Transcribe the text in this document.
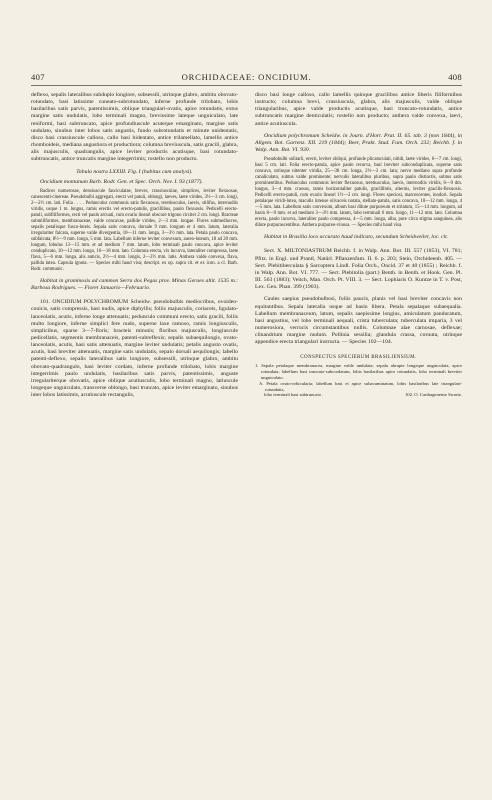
407	ORCHIDACEAE: ONCIDIUM.	408

deflexo, sepalis lateralibus subduplo longiore, subsessili, utrinque glabro, ambitu obovato-rotundato, basi latissime cuneato-subrotundato, inferne profunde trilobato, lobis basilaribus satis parvis, patentissimis, oblique triangulari-ovatis, apice rotundatis, extus margine satis undulatis, lobo terminali magno, brevissime lateque unguiculato, late reniformi, basi subtruncato, apice profundiuscule acuteque emarginato, margine satis undulato, sinubus inter lobos satis angustis, fundo subrotundatis et minute unidentatis, disco basi crassiuscule calloso, callo basi bidentato, antice trilamellato, lamellis antice rhomboideis, mediana angustiora et productiora; columna breviuscula, satis gracili, glabra, alis majusculis, quadrangulis, apice leviter productis acutisque, basi rotundato-subtruncatis, antice truncatis margine integerrimis; rostello non producto.

Tabula nostra LXXIII. Fig. I (habitus cum analysi).

Oncidium montanum Barb. Rodr. Gen. et Spec. Orch. Nov. I. 93 (1877).

Radices numerosae, densiuscule fasciculatae, breves, crassiusculae, simplices, leviter flexuosae, canescenti-cinereae. Pseudobulbi aggregati, erecti vel patuli, oblongi, laeves, laete virides, 3½—3 cm. longi, 2—2½ cm. lati. Folia . . . . Pedunculus communis satis flexuosus, teretiusculus, laevis, stilifus, internodiis viridis, usque 1 m. longus, ramis erectis vel erecto-patulis, gracillibus, paulo flexuosis. Pedicelli erecto-patuli, subfiliformes, recti vel paulo arcuati, cum ovario lineari obscure trigono circiter 2 cm. longi. Bracteae submiliformes, membranaceae, valde concavae, pallide virides, 2—3 mm. longae. Flores submediocres, sepalis petalisque fusco-luteis. Sepala satis concava, dorsale 9 mm. longum et 4 mm. latum, lateralia irregulariter falcata, superne valde divergentia, 10—11 mm. longa, 3—3½ mm. lata. Petala paulo concava, subfalcata, 8½—9 mm. longa, 5 mm. lata. Labellum inferne leviter convexum, aureo-luteum, 18 ad 20 mm. longum, lobulus 13—15 mm. et ad medium 7 mm. latum, lobo terminali paulo concava, apice leviter conduplicato, 10—12 mm. longo, 16—18 mm. lato. Columna erecta, vix incurva, lateraliter compressa, laete flava, 5—6 mm. longa, alis anticis, 2½—4 mm. longis, 2—2½ mm. latis. Anthera valde convexa, flava, pallida lutea. Capsula ignota. — Species mihi haud visa; descript. ex op. supra cit. et ex icon. a cl. Barb. Rodr. communic.

Habitat in graminosis ad cammon Serra dos Pegas prov. Minas Geraes altit. 1535 m.: Barbosa Rodrigues. — Floret Januario—Februario.

101. ONCIDIUM POLYCHROMUM Scheidw. pseudobulbis mediocribus, ovoideo-conicis, satis compressis, basi nudis, apice diphyllis; foliis majusculis, coriaceis, ligulato-lanceolatis, acutis, inferne longe attenuatis; pedunculo communi erecto, satis gracili, foliis multo longiore, inferne simplici fere nudo, superne laxe ramoso, ramis longiusculis, simplicibus, sparse 3—7-floris; bracteis minutis; floribus majusculis, longiuscule pedicellatis, segmentis membranaceis, patenti-subreflexis; sepalis subaequilongis, ovato-lanceolatis, acutis, basi satis attenuatis, margine leviter undulatis; petalis angusto ovatis, acutis, basi breviter attenuatis, margine satis undulatis, sepalo dorsali aequilongis; labello patenti-deflexo, sepalis lateralibus satis longiore, subsessili, utrinque glabro, ambitu obovato-quadrangulo, basi leviter cordato, inferne profunde trilobato, lobis margine integerrimis paulo undulatis, basilaribus satis parvis, patentissimis, anguste irregulariterque obovatis, apice oblique acutiusculis, lobo terminali magno, latiuscule longeque unguiculato, transverse oblongo, basi truncato, apice leviter emarginato, sinubus inter lobos latissimis, acutiuscule rectangulis,

disco basi longe calloso, callo lamellis quinque gracilibus antice liberis filiformibus instructo; columna brevi, crassiuscula, glabra, alis majusculis, valde oblique triangularibus, apice valde productis acutisque, basi truncato-rotundatis, antice subtruncatis margine denticulatis; rostello non producto; anthera valde convexa, laevi, antice acutiuscula.

Oncidium polychromum Scheidw. in Journ. d'Hort. Prat. II. 65. tab. 3 (non 1844), in Allgem. Bot. Gartenz. XII. 219 (1844); Beer, Prakt. Stud. Fam. Orch. 232; Reichb. f. in Walp. Ann. Bot. VI. 930.

Pseudobulbi solitarii, erecti, leviter obliqui, profunde plicatoculati, nitidi, laete virides, 6—7 cm. longi, basi 5 cm. lati. Folia erecto-patula, apice paulo recurva, basi breviter subconduplicata, superne satis concava, utrinque nitenter viridia, 25—38 cm. longa, 2½—3 cm. lata; nervo mediano supra profunde canaliculato, subtus valde prominente; nervulis lateralibus pluribus, supra paulo distinctis, subtus satis prominentibus. Pedunculus communis leviter flexuosus, teretiusculus, laevis, internodiis viridis, 6—9 dm. longus, 3—4 mm. crassus, ramis horizontaliter patulis, gracillimis, alternis, leviter gracilis-flexuosis. Pedicelli erecto-patuli, cum ovario lineari 1½—2 cm. longi. Flores speciosi, marcescentes, inodori. Sepala petalaque viridi-lutea, maculis intense olivaceis notata, stellato-patula, satis concava, 10—12 mm. longa, 4—5 mm. lata. Labellum satis convexum, album basi dilute purpureum et striatum, 15—14 mm. longum, ad basin 8—9 mm. et ad medium 3—3½ mm. latum, lobo terminali 6 mm. longo, 11—12 mm. lato. Columna erecta, paulo incurva, lateraliter paulo compressa, 4—5 mm. longa, alba, pure circa stigma sanguinea, alis dilute purpurascentibus. Anthera purpureo-vinosa. — Species mihi haud visa.

Habitat in Brasilia loco accurato haud indicato, secundum Scheidweiler, loc. cit.

Sect. X. MILTONIASTRUM Reichb. f. in Walp. Ann. Bot. III. 557 (1853), VI. 781; Pfitz. in Engl. und Prantl, Natürl. Pflanzenfam. II. 6. p. 203; Stein, Orchideenb. 405. — Sect. Plebitiberculata § Sarcoptera Lindl. Folia Orch., Oncid. 37 et 40 (1855) ; Reichb. f. in Walp. Ann. Bot. VI. 777. — Sect. Plebitolia (part.) Benth. in Benth. et Hook. Gen. Pl. III. 563 (1883); Veitch, Man. Orch. Pt. VIII. 3. — Sect. Lophiaris O. Kuntze in T. v. Post, Lex. Gen. Phan. 399 (1903).

Caules saepius pseudobulbosi, foliis paucis, planis vel basi breviter concavis non equitantibus. Sepala lateralia usque ad basin libera. Petala sepalaque subaequalia. Labellum membranaceum, latum, sepalis saepissime longius, amiculatum panduratum, basi angustius, vel lobo terminali aequali, crista tuberculata; tuberculata imparia, 3 vel numerosiora, verrucis circumstantibus nullis. Columnae alae carnosae, deflexae; clinandrium margine nudum. Pollinia sessilia; glandula crassa, coruuta, utrinque appendice erecta triangulari instructa. — Species 102—104.

CONSPECTUS SPECIERUM BRASILIENSIUM.

1. Sepala petalaque membranacea, margine valde undulata; sepala abrupte longeque unguiculata, apice rotundata; labellum basi truncato-subcordatum, lobis basilaribus apice rotundatis, lobo terminali breviter unguiculato.

A. Petala ovato-orbicularia; labellum basi et apice subacuminatum, lobis basilaribus late triangulari-rotundatis,

102. O. Carthagenense Swartz.
lobo terminali basi subtruncato .
